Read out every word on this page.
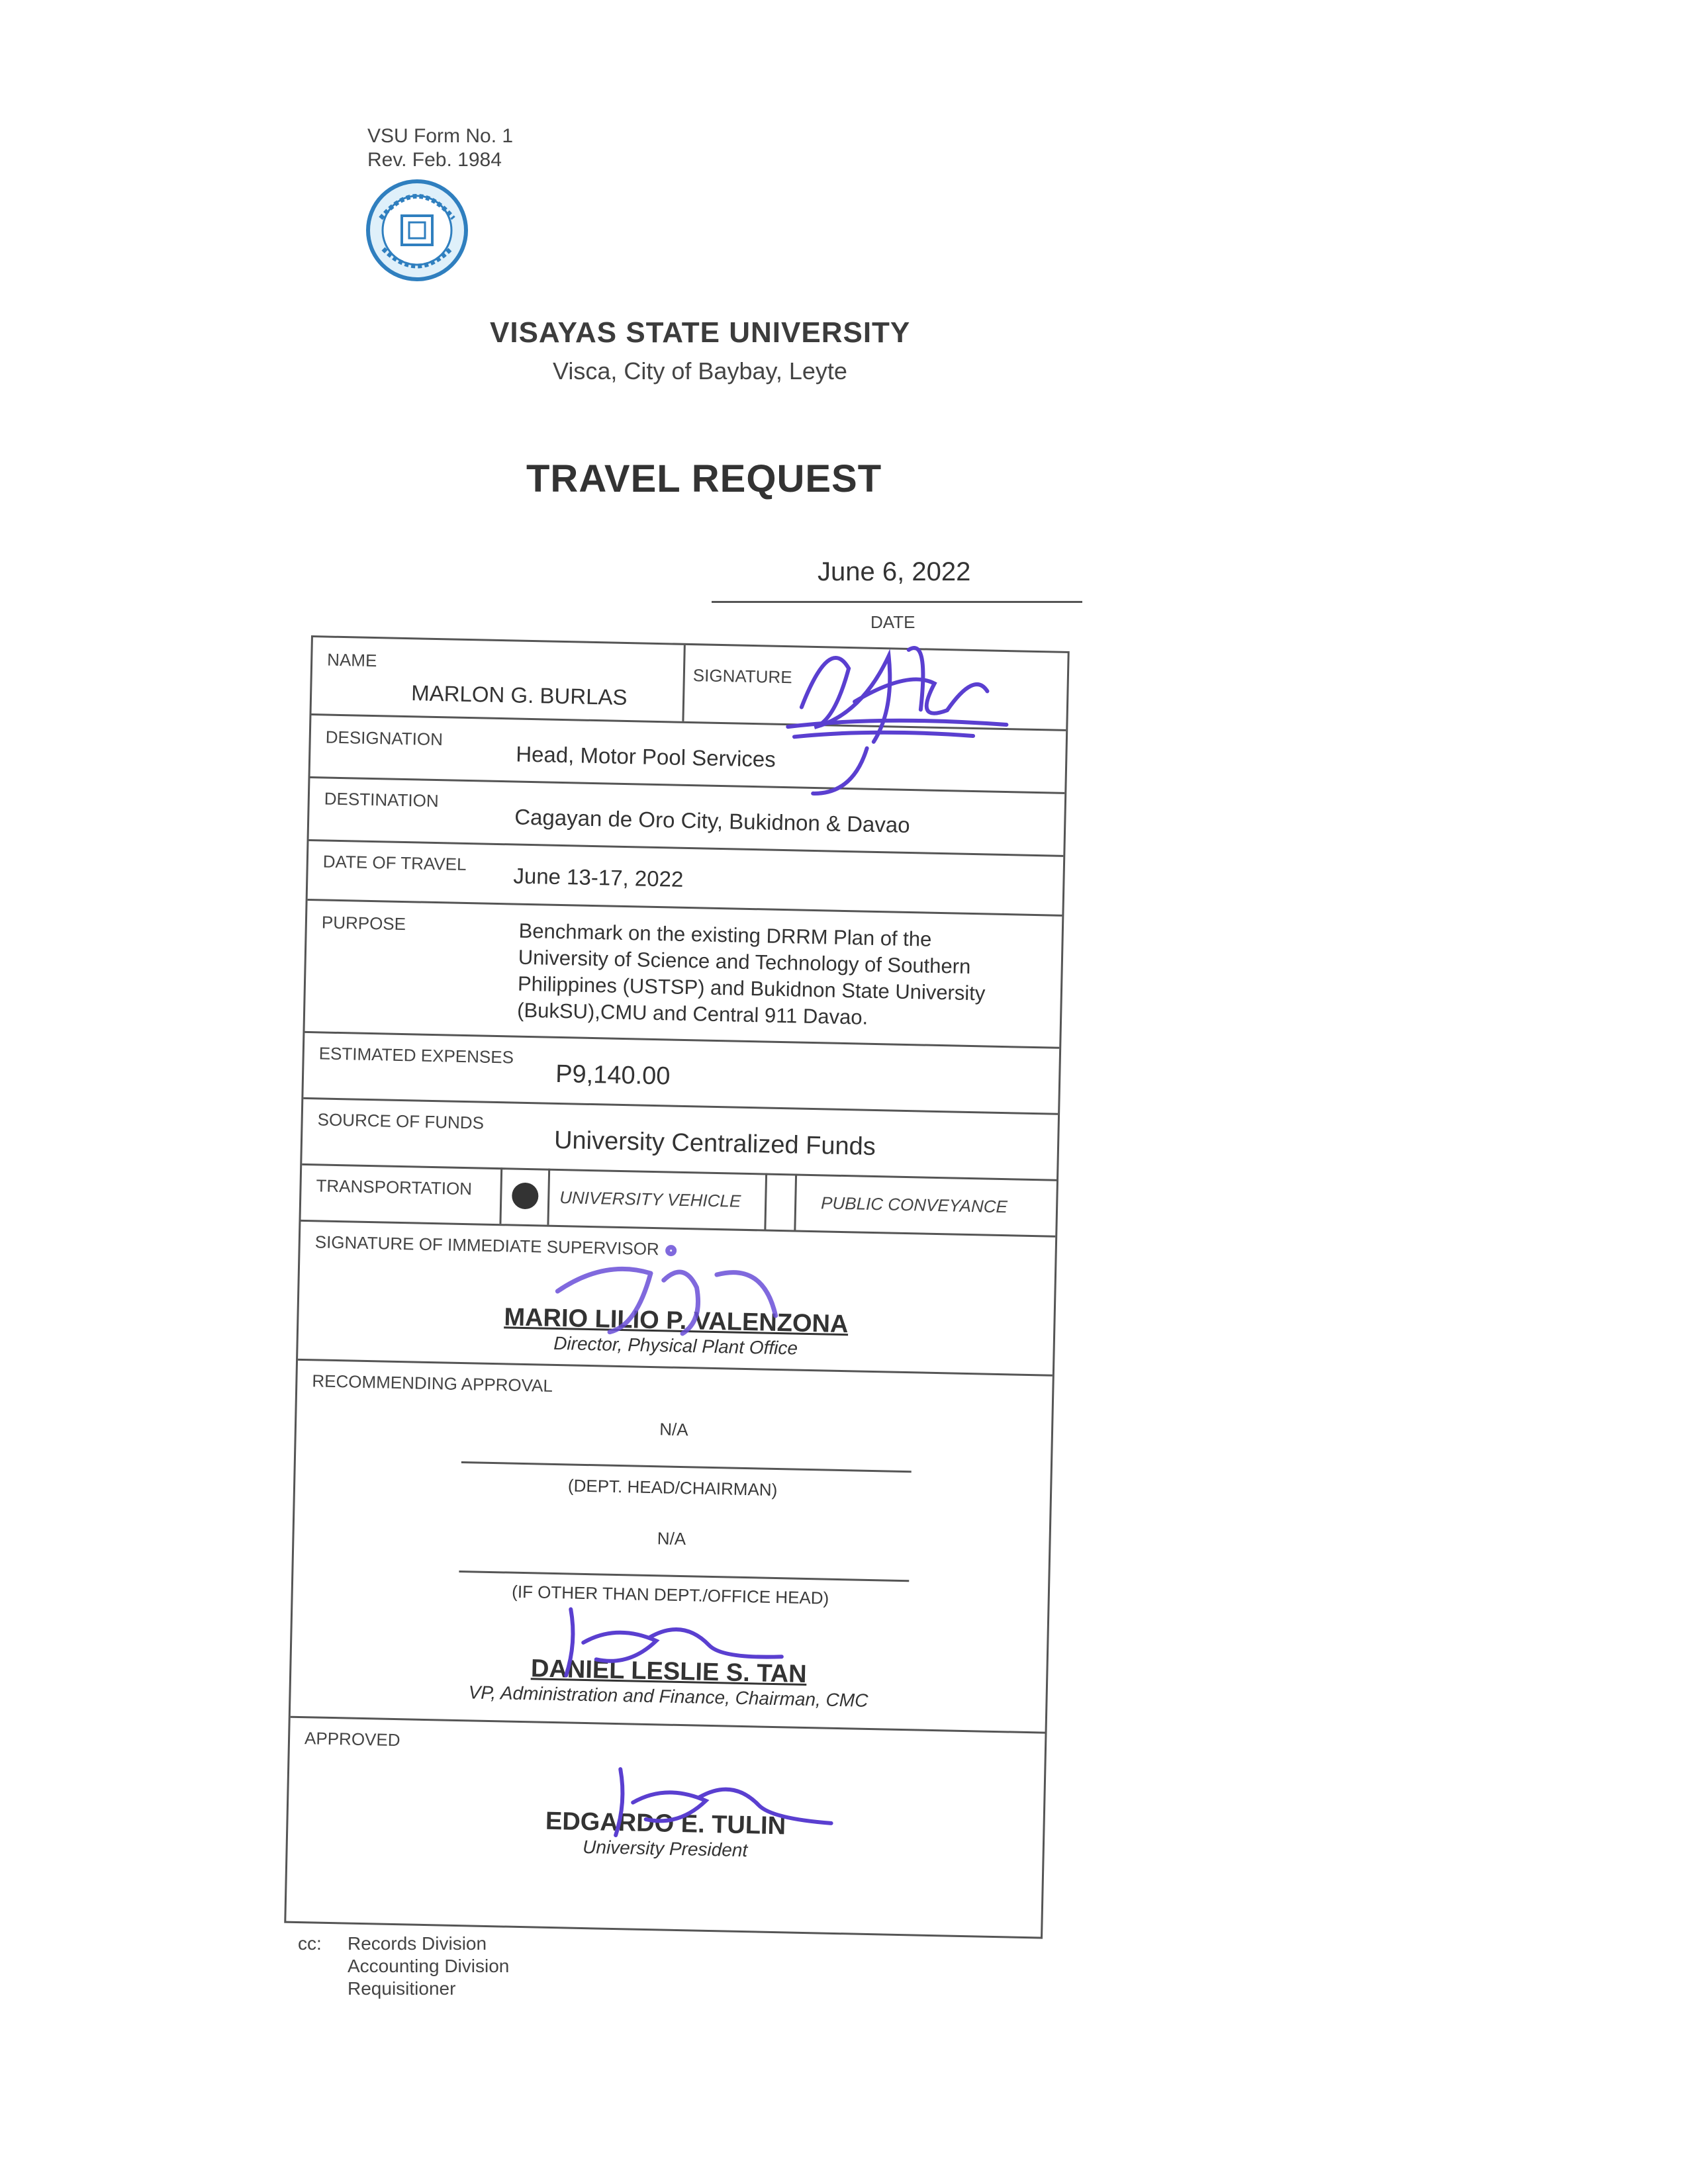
VSU Form No. 1
Rev. Feb. 1984
VISAYAS STATE UNIVERSITY
Visca, City of Baybay, Leyte
TRAVEL REQUEST
June 6, 2022
DATE
NAME
MARLON G. BURLAS
SIGNATURE
DESIGNATION
Head, Motor Pool Services
DESTINATION
Cagayan de Oro City, Bukidnon & Davao
DATE OF TRAVEL
June 13-17, 2022
PURPOSE	Benchmark on the existing DRRM Plan of the
University of Science and Technology of Southern
Philippines (USTSP) and Bukidnon State University
(BukSU),CMU and Central 911 Davao.
ESTIMATED EXPENSES
P9,140.00
SOURCE OF FUNDS
University Centralized Funds
TRANSPORTATION
UNIVERSITY VEHICLE	PUBLIC CONVEYANCE
SIGNATURE OF IMMEDIATE SUPERVISOR
MARIO LILIO P. VALENZONA
Director, Physical Plant Office
RECOMMENDING APPROVAL
N/A
(DEPT. HEAD/CHAIRMAN)
N/A
(IF OTHER THAN DEPT./OFFICE HEAD)
DANIEL LESLIE S. TAN
VP, Administration and Finance, Chairman, CMC
APPROVED
EDGARDO E. TULIN
University President
cc: Records Division
Accounting Division
Requisitioner
